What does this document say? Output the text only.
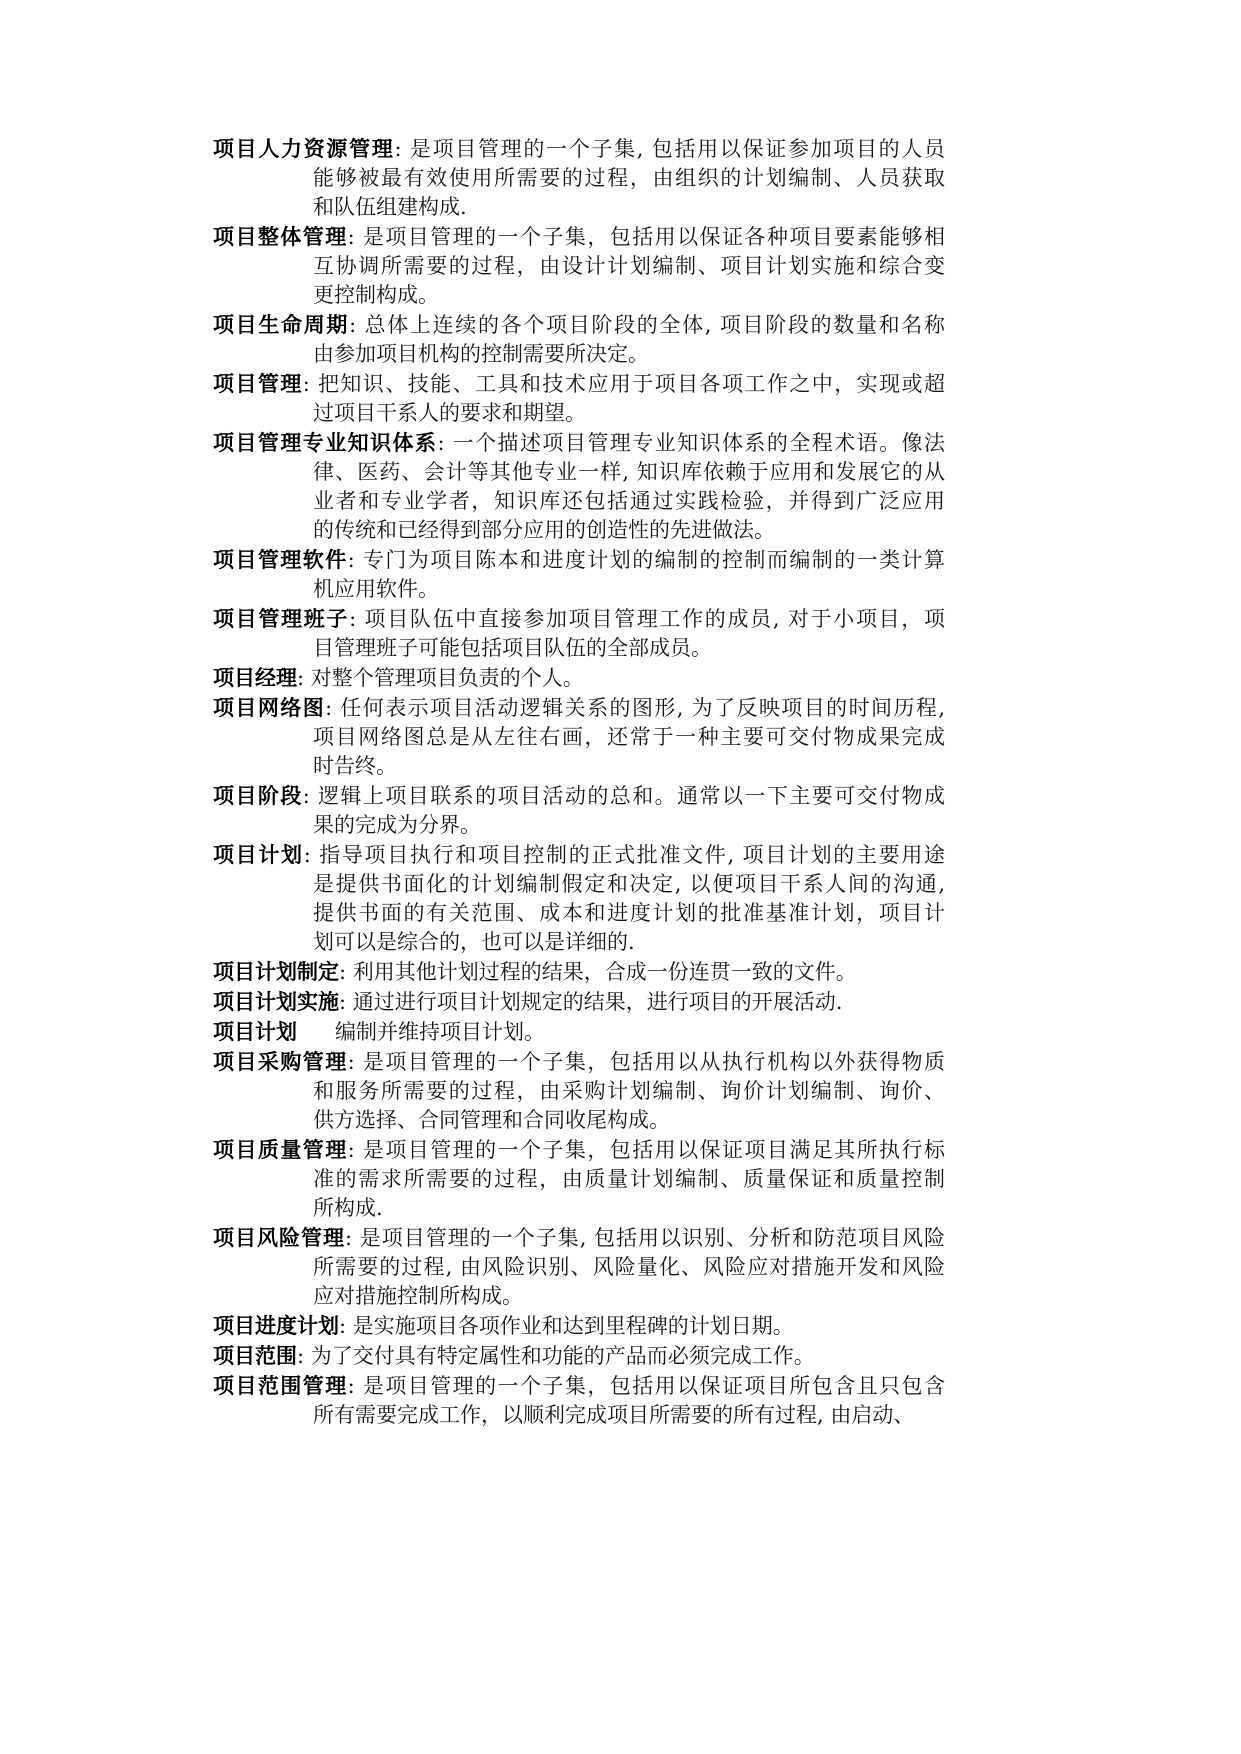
项目人力资源管理: 是项目管理的一个子集, 包括用以保证参加项目的人员
能够被最有效使用所需要的过程，由组织的计划编制、人员获取
和队伍组建构成.
项目整体管理: 是项目管理的一个子集，包括用以保证各种项目要素能够相
互协调所需要的过程，由设计计划编制、项目计划实施和综合变
更控制构成。
项目生命周期: 总体上连续的各个项目阶段的全体, 项目阶段的数量和名称
由参加项目机构的控制需要所决定。
项目管理: 把知识、技能、工具和技术应用于项目各项工作之中，实现或超
过项目干系人的要求和期望。
项目管理专业知识体系: 一个描述项目管理专业知识体系的全程术语。像法
律、医药、会计等其他专业一样, 知识库依赖于应用和发展它的从
业者和专业学者，知识库还包括通过实践检验，并得到广泛应用
的传统和已经得到部分应用的创造性的先进做法。
项目管理软件: 专门为项目陈本和进度计划的编制的控制而编制的一类计算
机应用软件。
项目管理班子: 项目队伍中直接参加项目管理工作的成员, 对于小项目，项
目管理班子可能包括项目队伍的全部成员。
项目经理: 对整个管理项目负责的个人。
项目网络图: 任何表示项目活动逻辑关系的图形, 为了反映项目的时间历程,
项目网络图总是从左往右画，还常于一种主要可交付物成果完成
时告终。
项目阶段: 逻辑上项目联系的项目活动的总和。通常以一下主要可交付物成
果的完成为分界。
项目计划: 指导项目执行和项目控制的正式批准文件, 项目计划的主要用途
是提供书面化的计划编制假定和决定, 以便项目干系人间的沟通,
提供书面的有关范围、成本和进度计划的批准基准计划，项目计
划可以是综合的，也可以是详细的.
项目计划制定: 利用其他计划过程的结果，合成一份连贯一致的文件。
项目计划实施: 通过进行项目计划规定的结果，进行项目的开展活动.
项目计划 编制并维持项目计划。
项目采购管理: 是项目管理的一个子集，包括用以从执行机构以外获得物质
和服务所需要的过程，由采购计划编制、询价计划编制、询价、
供方选择、合同管理和合同收尾构成。
项目质量管理: 是项目管理的一个子集，包括用以保证项目满足其所执行标
准的需求所需要的过程，由质量计划编制、质量保证和质量控制
所构成.
项目风险管理: 是项目管理的一个子集, 包括用以识别、分析和防范项目风险
所需要的过程, 由风险识别、风险量化、风险应对措施开发和风险
应对措施控制所构成。
项目进度计划: 是实施项目各项作业和达到里程碑的计划日期。
项目范围: 为了交付具有特定属性和功能的产品而必须完成工作。
项目范围管理: 是项目管理的一个子集，包括用以保证项目所包含且只包含
所有需要完成工作，以顺利完成项目所需要的所有过程, 由启动、
